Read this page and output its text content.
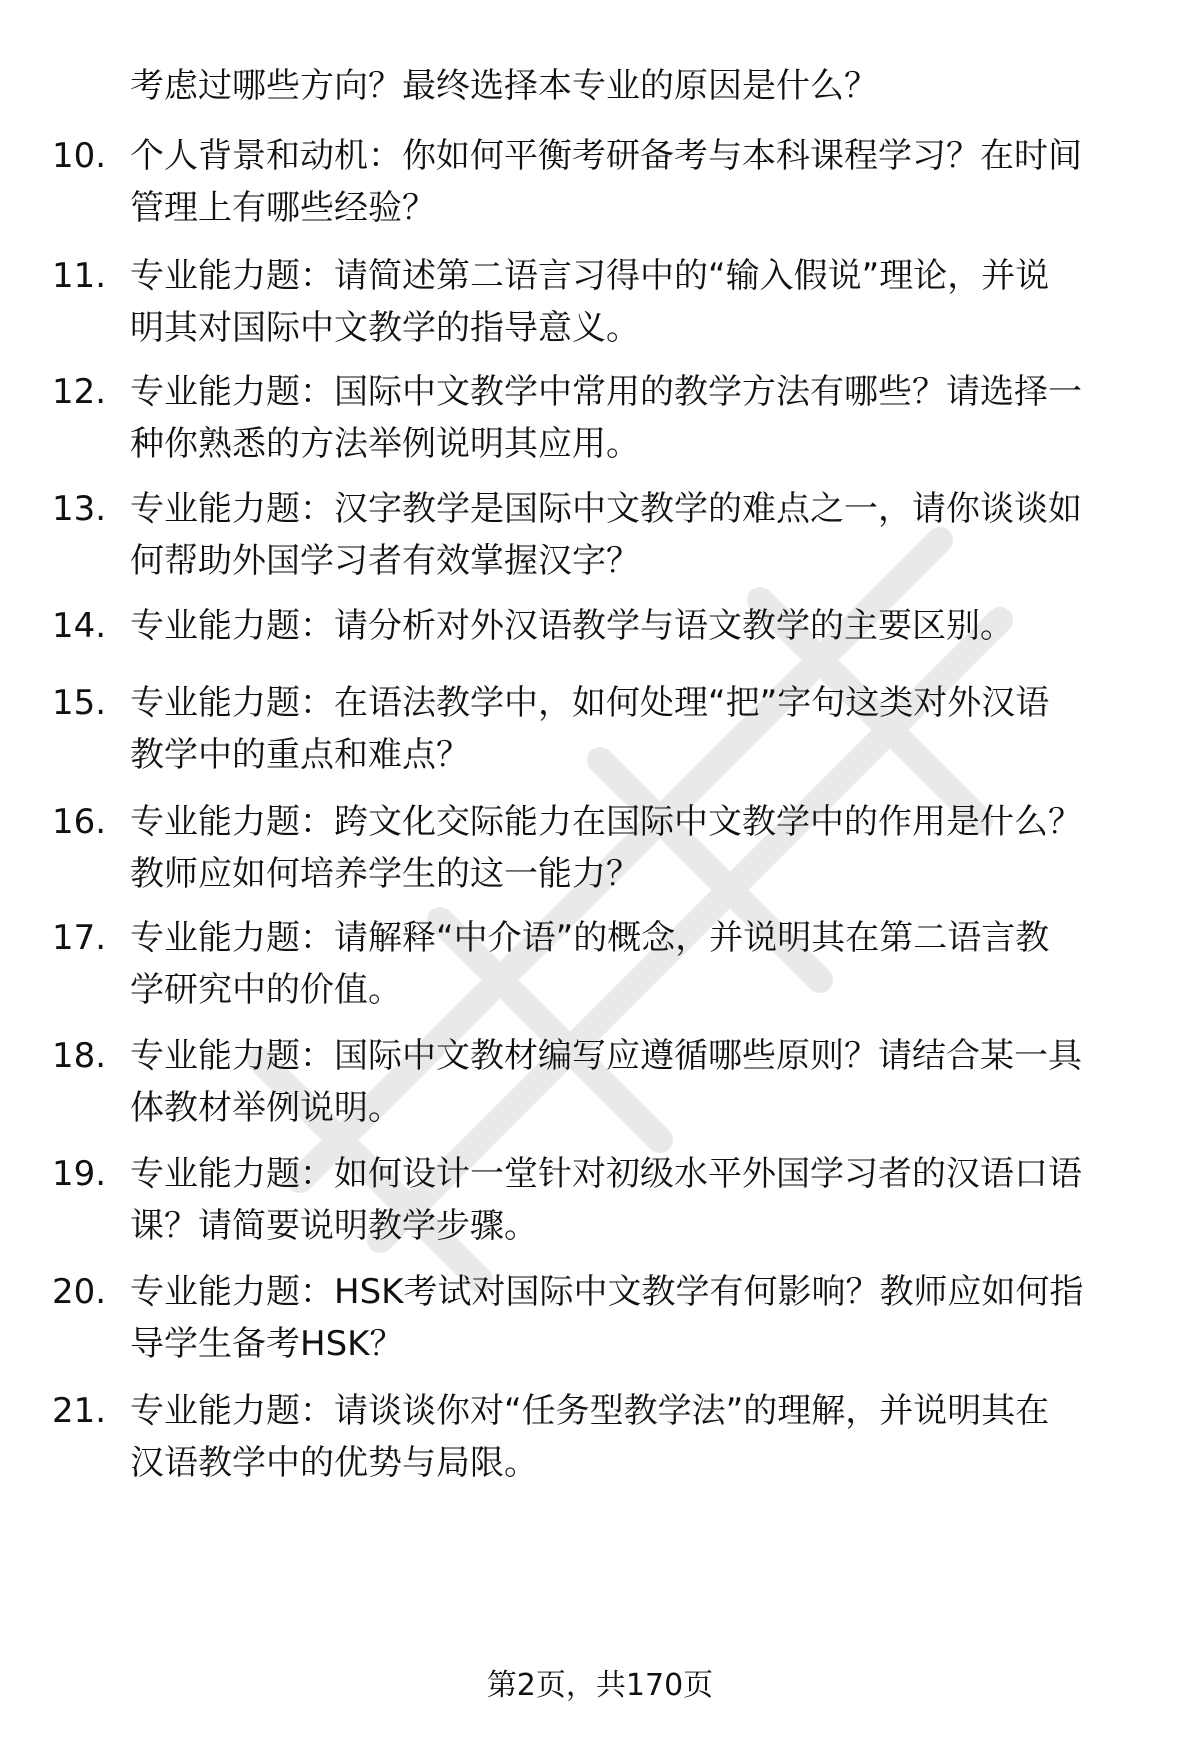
考虑过哪些方向？最终选择本专业的原因是什么？
10. 个人背景和动机：你如何平衡考研备考与本科课程学习？在时间
管理上有哪些经验？
11. 专业能力题：请简述第二语言习得中的“输入假说”理论，并说
明其对国际中文教学的指导意义。
12. 专业能力题：国际中文教学中常用的教学方法有哪些？请选择一
种你熟悉的方法举例说明其应用。
13. 专业能力题：汉字教学是国际中文教学的难点之一，请你谈谈如
何帮助外国学习者有效掌握汉字？
14. 专业能力题：请分析对外汉语教学与语文教学的主要区别。
15. 专业能力题：在语法教学中，如何处理“把”字句这类对外汉语
教学中的重点和难点？
16. 专业能力题：跨文化交际能力在国际中文教学中的作用是什么？
教师应如何培养学生的这一能力？
17. 专业能力题：请解释“中介语”的概念，并说明其在第二语言教
学研究中的价值。
18. 专业能力题：国际中文教材编写应遵循哪些原则？请结合某一具
体教材举例说明。
19. 专业能力题：如何设计一堂针对初级水平外国学习者的汉语口语
课？请简要说明教学步骤。
20. 专业能力题：HSK考试对国际中文教学有何影响？教师应如何指
导学生备考HSK？
21. 专业能力题：请谈谈你对“任务型教学法”的理解，并说明其在
汉语教学中的优势与局限。
第2页，共170页
